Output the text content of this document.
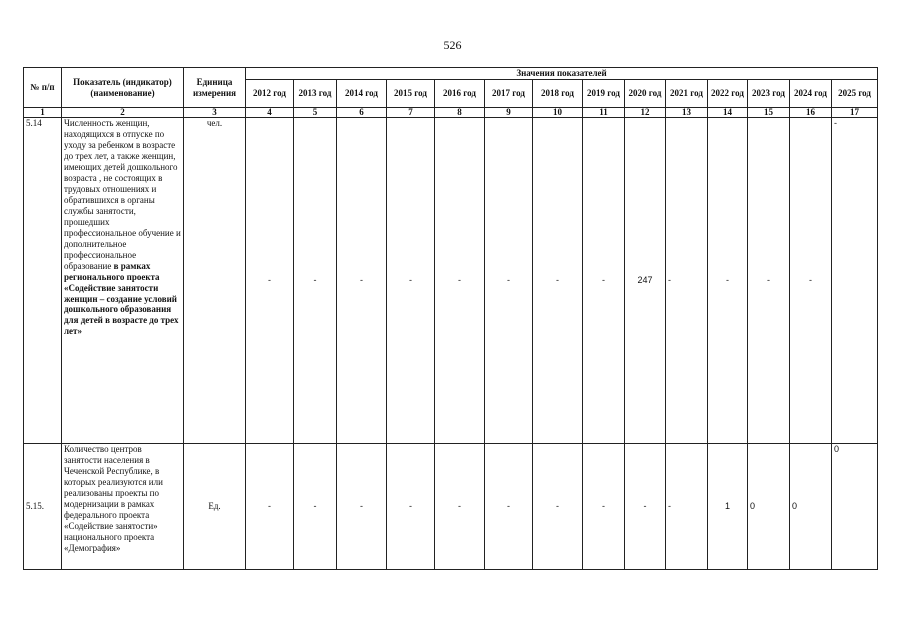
526
№ п/п	Показатель (индикатор) (наименование)	Единица измерения	Значения показателей													
			2012 год	2013 год	2014 год	2015 год	2016 год	2017 год	2018 год	2019 год	2020 год	2021 год	2022 год	2023 год	2024 год	2025 год
1	2	3	4	5	6	7	8	9	10	11	12	13	14	15	16	17
5.14	Численность женщин, находящихся в отпуске по уходу за ребенком в возрасте до трех лет, а также женщин, имеющих детей дошкольного возраста , не состоящих в трудовых отношениях и обратившихся в органы службы занятости, прошедших профессиональное обучение и дополнительное профессиональное образование в рамках регионального проекта «Содействие занятости женщин – создание условий дошкольного образования для детей в возрасте до трех лет»	чел.	-	-	-	-	-	-	-	-	247	-	-	-	-	-
5.15.	Количество центров занятости населения в Чеченской Республике, в которых реализуются или реализованы проекты по модернизации в рамках федерального проекта «Содействие занятости» национального проекта «Демография»	Ед.	-	-	-	-	-	-	-	-	-	-	1	0	0	0
